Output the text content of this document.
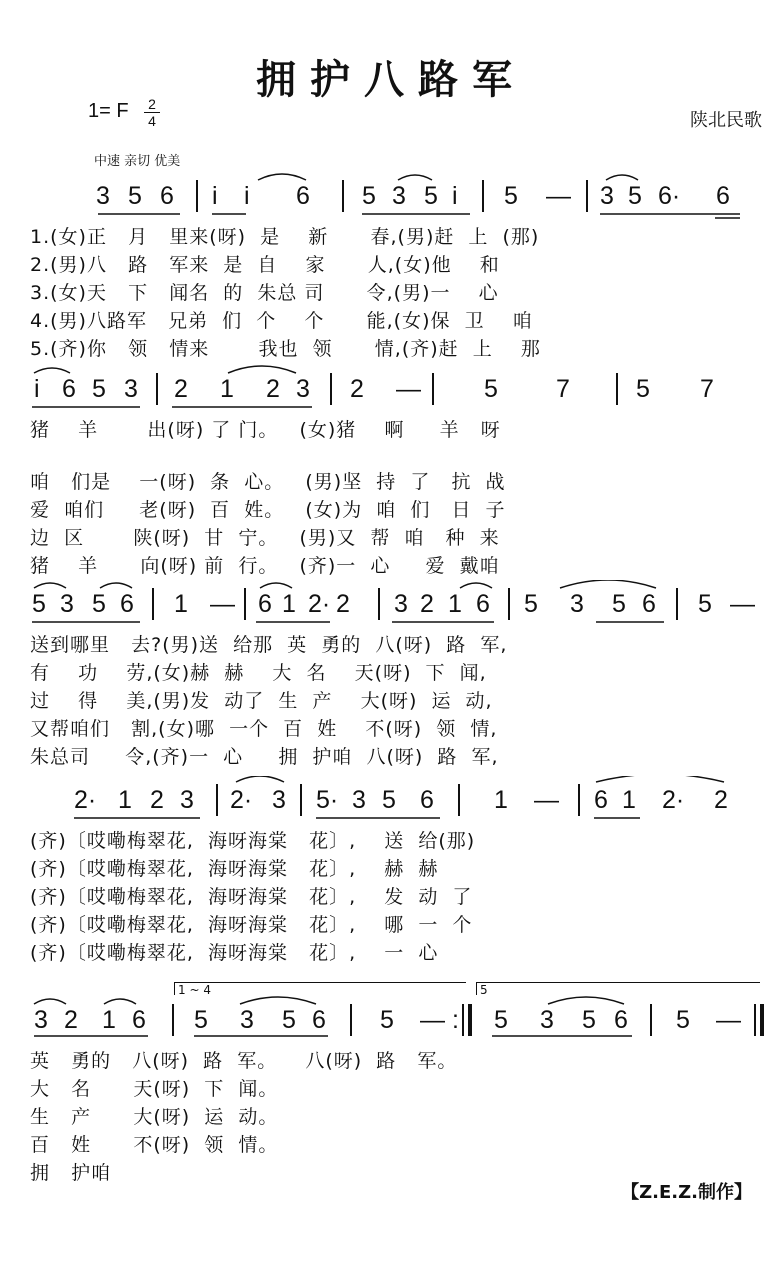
拥护八路军
1= F 2
4	陕北民歌
中速 亲切 优美
3 5 6 i i 6 5 3 5 i 5 — 3 5 6· 6

1.(女)正   月   里来(呀)  是    新      春,(男)赶  上  (那)

2.(男)八   路   军来  是  自    家      人,(女)他    和

3.(女)天   下   闻名  的  朱总 司      令,(男)一    心

4.(男)八路军   兄弟  们  个    个      能,(女)保  卫    咱

5.(齐)你   领   情来       我也  领      情,(齐)赶  上    那

i 6 5 3 2 1 2 3 2 —	5 7	5 7

猪    羊       出(呀) 了 门。   (女)猪    啊     羊   呀

咱   们是    一(呀)  条  心。   (男)坚  持  了   抗  战

爱  咱们     老(呀)  百  姓。   (女)为  咱  们   日  子

边  区       陕(呀)  甘  宁。   (男)又  帮  咱   种  来

猪    羊      向(呀) 前  行。   (齐)一  心     爱  戴咱

5 3 5 6 1 — 6 1 2· 2 3 2 1 6 5 3 5 6 5 —

送到哪里   去?(男)送  给那  英  勇的  八(呀)  路  军,

有    功    劳,(女)赫  赫    大  名    天(呀)  下  闻,

过    得    美,(男)发  动了  生  产    大(呀)  运  动,

又帮咱们   割,(女)哪  一个  百  姓    不(呀)  领  情,

朱总司     令,(齐)一  心     拥  护咱  八(呀)  路  军,

2· 1 2 3 2· 3 5· 3 5 6 1 — 6 1 2· 2

(齐)〔哎嘞梅翠花,  海呀海棠   花〕,    送  给(那)

(齐)〔哎嘞梅翠花,  海呀海棠   花〕,    赫  赫

(齐)〔哎嘞梅翠花,  海呀海棠   花〕,    发  动  了

(齐)〔哎嘞梅翠花,  海呀海棠   花〕,    哪  一  个

(齐)〔哎嘞梅翠花,  海呀海棠   花〕,    一  心

1 ~ 4	5
3 2 1 6 5 3 5 6 5 — : 5 3 5 6 5 —

英   勇的   八(呀)  路  军。    八(呀)  路   军。

大   名      天(呀)  下  闻。

生   产      大(呀)  运  动。

百   姓      不(呀)  领  情。

拥   护咱

【Z.E.Z.制作】
